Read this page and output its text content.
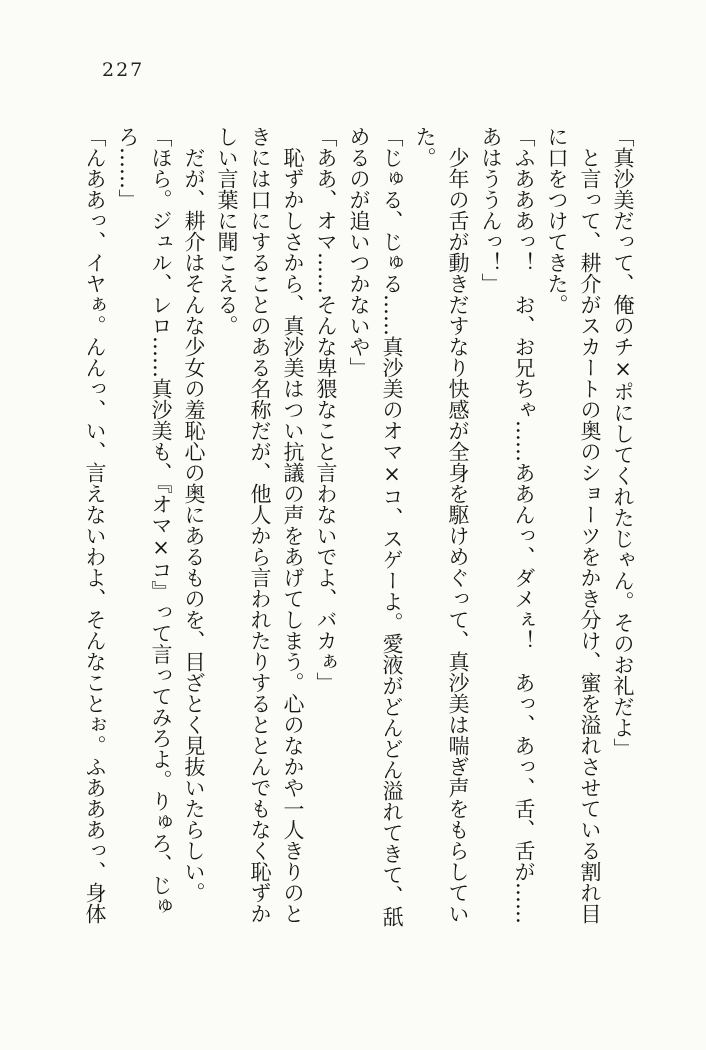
227
「真沙美だって、俺のチ×ポにしてくれたじゃん。そのお礼だよ」
　と言って、耕介がスカートの奥のショーツをかき分け、蜜を溢れさせている割れ目
に口をつけてきた。
「ふあああっ！　お、お兄ちゃ……ああんっ、ダメぇ！　あっ、あっ、舌、舌が……
あはううんっ！」
　少年の舌が動きだすなり快感が全身を駆けめぐって、真沙美は喘ぎ声をもらしてい
た。
「じゅる、じゅる……真沙美のオマ×コ、スゲーよ。愛液がどんどん溢れてきて、舐
めるのが追いつかないや」
「ああ、オマ……そんな卑猥なこと言わないでよ、バカぁ」
　恥ずかしさから、真沙美はつい抗議の声をあげてしまう。心のなかや一人きりのと
きには口にすることのある名称だが、他人から言われたりするととんでもなく恥ずか
しい言葉に聞こえる。
　だが、耕介はそんな少女の羞恥心の奥にあるものを、目ざとく見抜いたらしい。
「ほら。ジュル、レロ……真沙美も、『オマ×コ』って言ってみろよ。りゅろ、じゅ
ろ……」
「んああっ、イヤぁ。んんっ、い、言えないわよ、そんなことぉ。ふあああっ、身体
